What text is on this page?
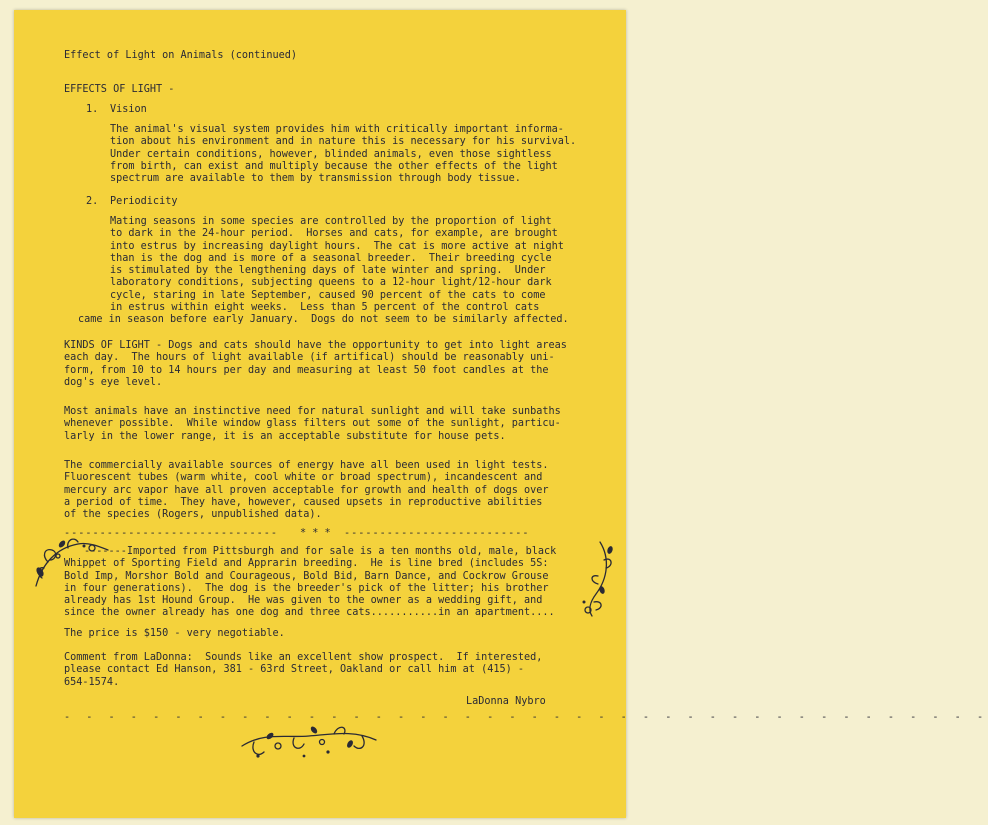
Effect of Light on Animals (continued)
EFFECTS OF LIGHT -
1. Vision
The animal's visual system provides him with critically important informa-
tion about his environment and in nature this is necessary for his survival.
Under certain conditions, however, blinded animals, even those sightless
from birth, can exist and multiply because the other effects of the light
spectrum are available to them by transmission through body tissue.
2. Periodicity
Mating seasons in some species are controlled by the proportion of light
to dark in the 24-hour period.  Horses and cats, for example, are brought
into estrus by increasing daylight hours.  The cat is more active at night
than is the dog and is more of a seasonal breeder.  Their breeding cycle
is stimulated by the lengthening days of late winter and spring.  Under
laboratory conditions, subjecting queens to a 12-hour light/12-hour dark
cycle, staring in late September, caused 90 percent of the cats to come
in estrus within eight weeks.  Less than 5 percent of the control cats
came in season before early January.  Dogs do not seem to be similarly affected.
KINDS OF LIGHT - Dogs and cats should have the opportunity to get into light areas
each day.  The hours of light available (if artifical) should be reasonably uni-
form, from 10 to 14 hours per day and measuring at least 50 foot candles at the
dog's eye level.
Most animals have an instinctive need for natural sunlight and will take sunbaths
whenever possible.  While window glass filters out some of the sunlight, particu-
larly in the lower range, it is an acceptable substitute for house pets.
The commercially available sources of energy have all been used in light tests.
Fluorescent tubes (warm white, cool white or broad spectrum), incandescent and
mercury arc vapor have all proven acceptable for growth and health of dogs over
a period of time.  They have, however, caused upsets in reproductive abilities
of the species (Rogers, unpublished data).
------------------------------ * * * --------------------------
-------Imported from Pittsburgh and for sale is a ten months old, male, black
Whippet of Sporting Field and Apprarin breeding.  He is line bred (includes 5S:
Bold Imp, Morshor Bold and Courageous, Bold Bid, Barn Dance, and Cockrow Grouse
in four generations).  The dog is the breeder's pick of the litter; his brother
already has 1st Hound Group.  He was given to the owner as a wedding gift, and
since the owner already has one dog and three cats...........in an apartment....
The price is $150 - very negotiable.
Comment from LaDonna:  Sounds like an excellent show prospect.  If interested,
please contact Ed Hanson, 381 - 63rd Street, Oakland or call him at (415) -
654-1574.
LaDonna Nybro
- - - - - - - - - - - - - - - - - - - - - - - - - - - - - - - - - - - - - - - - - -
